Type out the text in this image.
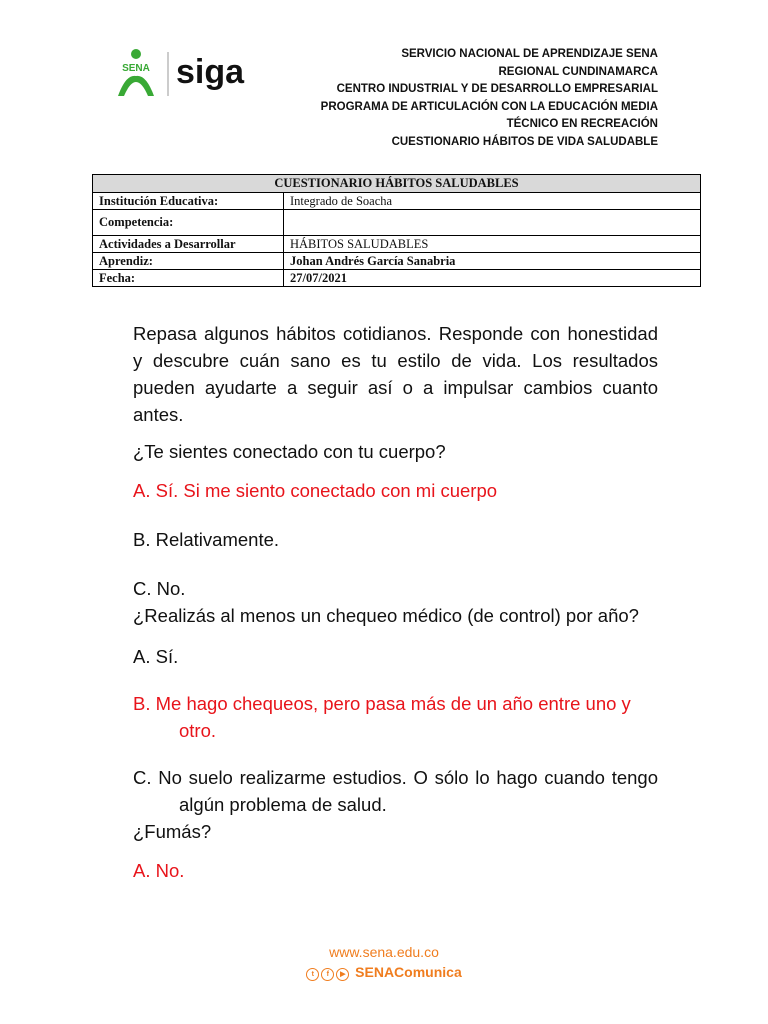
SENA siga	SERVICIO NACIONAL DE APRENDIZAJE SENA
REGIONAL CUNDINAMARCA
CENTRO INDUSTRIAL Y DE DESARROLLO EMPRESARIAL
PROGRAMA DE ARTICULACIÓN CON LA EDUCACIÓN MEDIA
TÉCNICO EN RECREACIÓN
CUESTIONARIO HÁBITOS DE VIDA SALUDABLE
CUESTIONARIO HÁBITOS SALUDABLES	
Institución Educativa:	Integrado de Soacha
Competencia:	
Actividades a Desarrollar	HÁBITOS SALUDABLES
Aprendiz:	Johan Andrés García Sanabria
Fecha:	27/07/2021

Repasa algunos hábitos cotidianos. Responde con honestidad y descubre cuán sano es tu estilo de vida. Los resultados pueden ayudarte a seguir así o a impulsar cambios cuanto antes.

¿Te sientes conectado con tu cuerpo?

A. Sí. Si me siento conectado con mi cuerpo

B. Relativamente.

C. No.

¿Realizás al menos un chequeo médico (de control) por año?

A. Sí.

B. Me hago chequeos, pero pasa más de un año entre uno y otro.

C. No suelo realizarme estudios. O sólo lo hago cuando tengo algún problema de salud.

¿Fumás?

A. No.

www.sena.edu.co
t f ▶ SENAComunica
